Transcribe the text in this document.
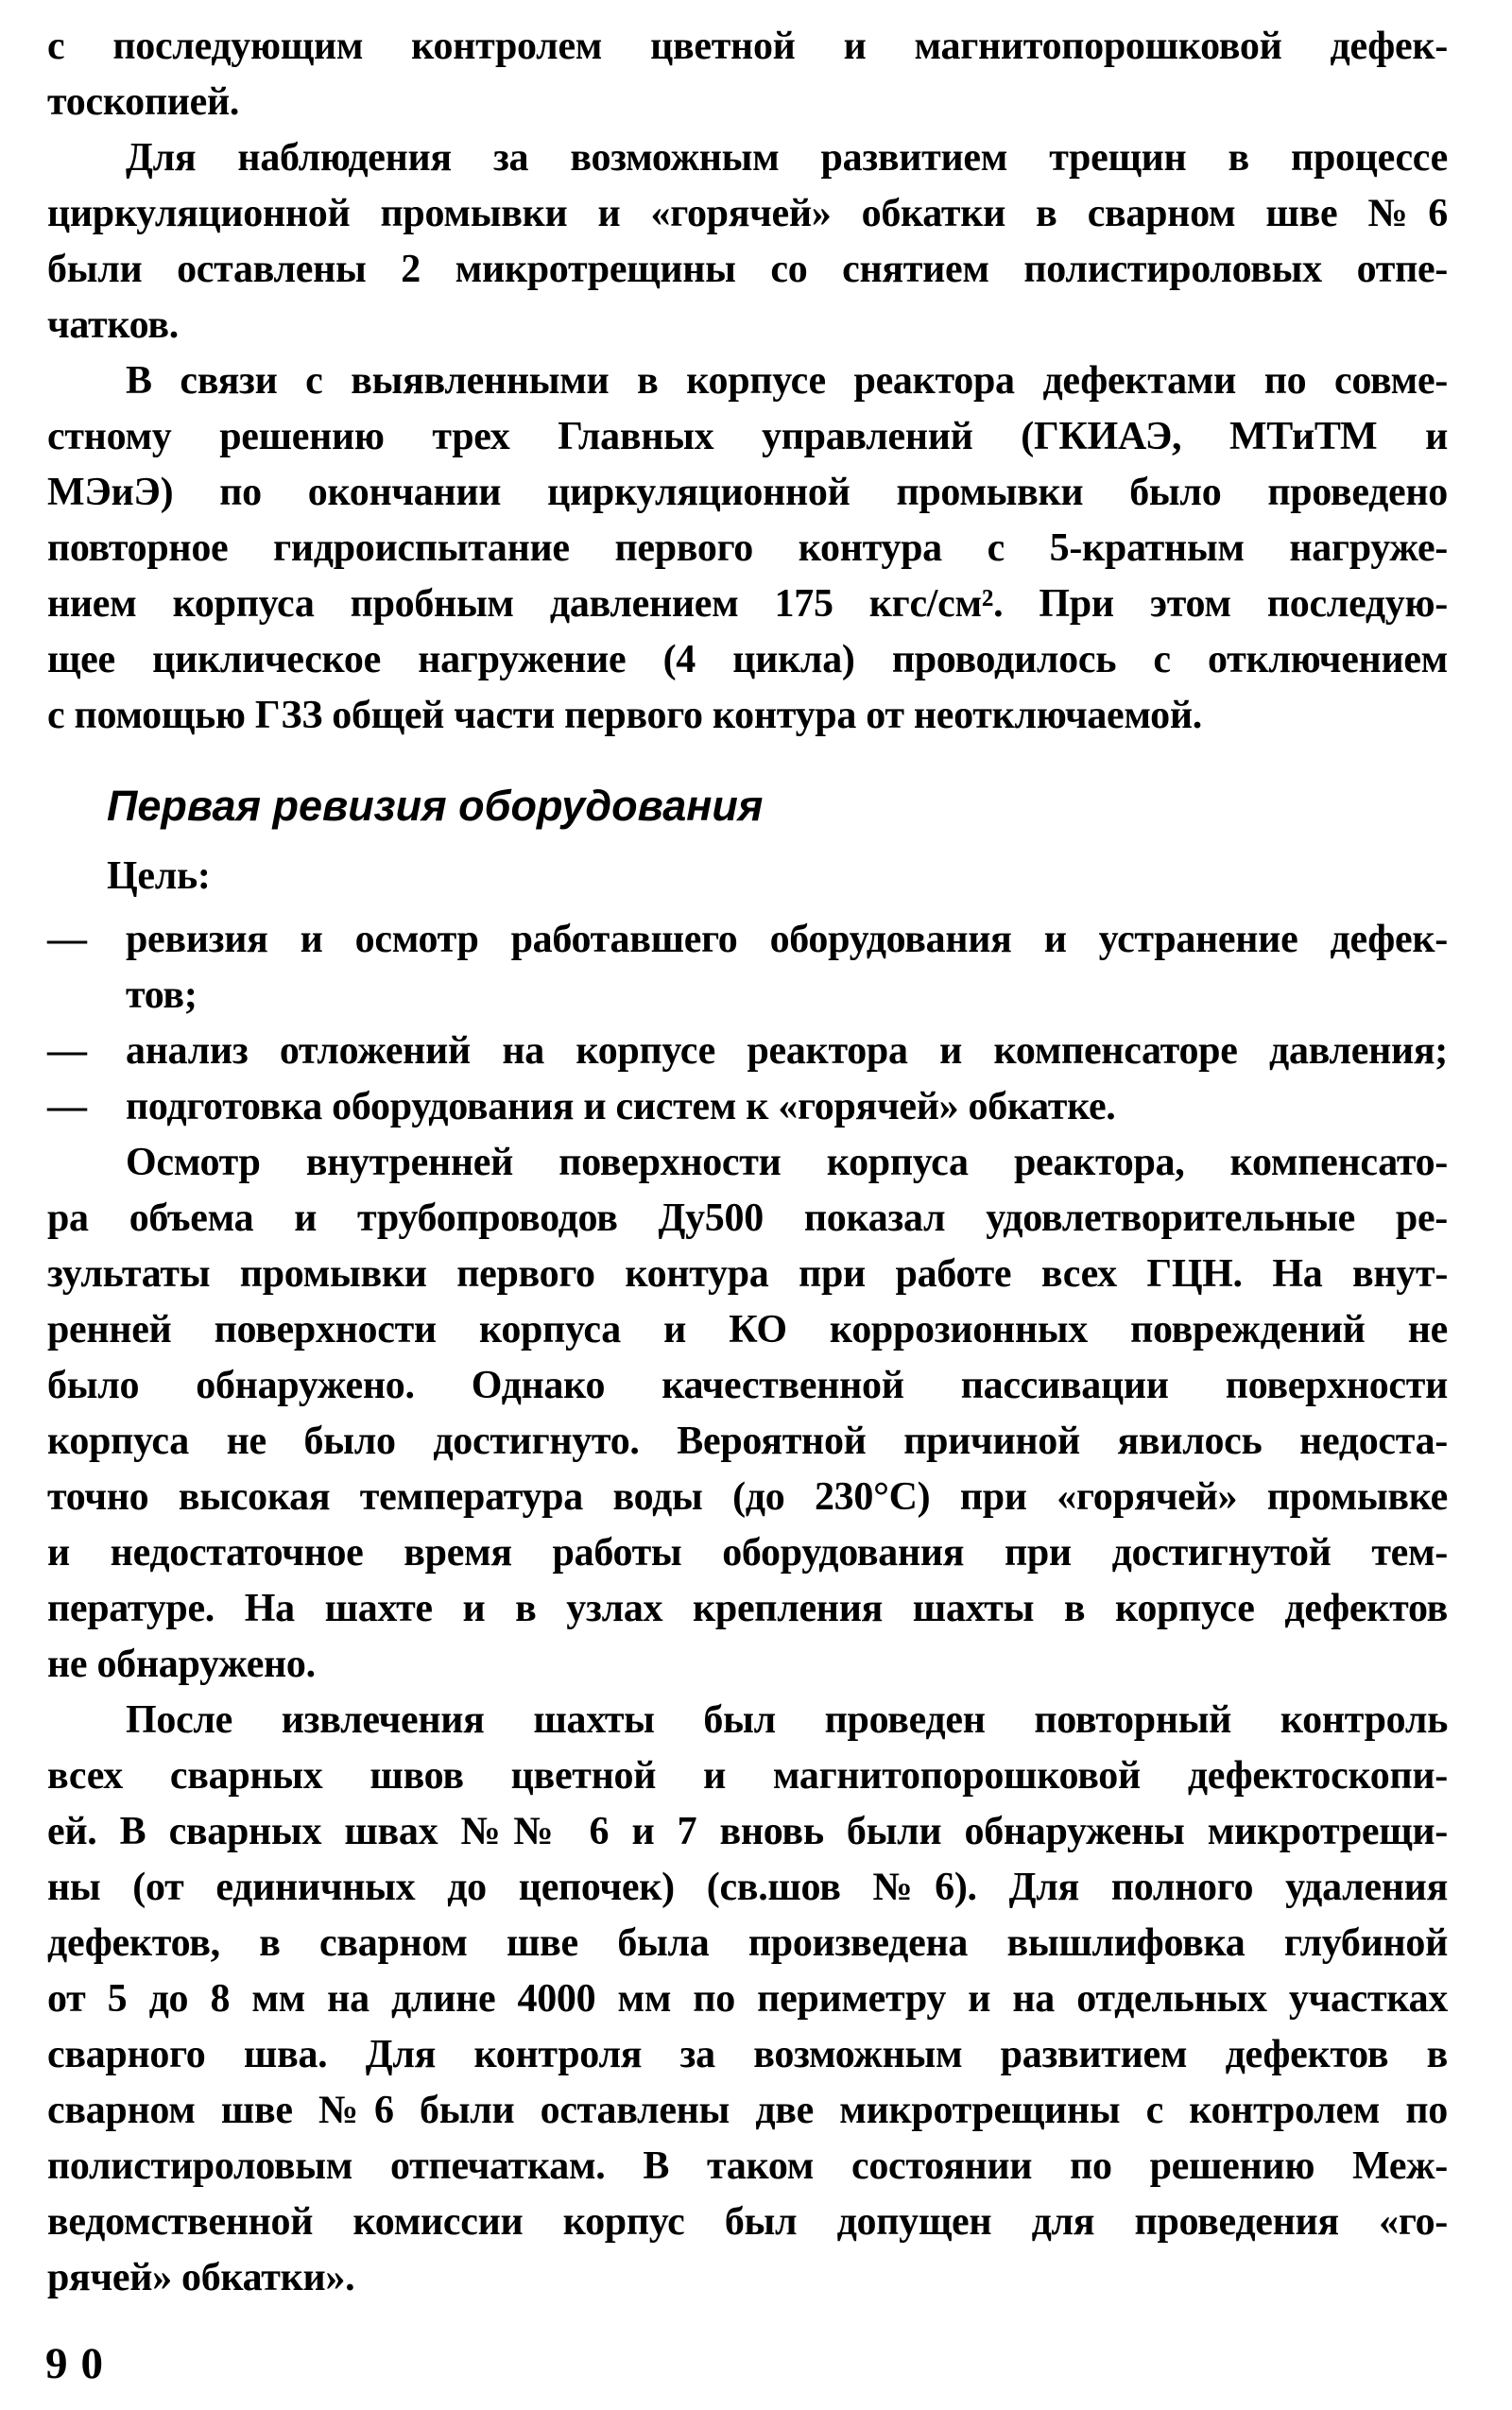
с последующим контролем цветной и магнитопорошковой дефек-
тоскопией.
Для наблюдения за возможным развитием трещин в процессе
циркуляционной промывки и «горячей» обкатки в сварном шве №6
были оставлены 2 микротрещины со снятием полистироловых отпе-
чатков.
В связи с выявленными в корпусе реактора дефектами по совме-
стному решению трех Главных управлений (ГКИАЭ, МТиТМ и
МЭиЭ) по окончании циркуляционной промывки было проведено
повторное гидроиспытание первого контура с 5-кратным нагруже-
нием корпуса пробным давлением 175 кгс/см². При этом последую-
щее циклическое нагружение (4 цикла) проводилось с отключением
с помощью ГЗЗ общей части первого контура от неотключаемой.
Первая ревизия оборудования
Цель:
— ревизия и осмотр работавшего оборудования и устранение дефек-
тов;
— анализ отложений на корпусе реактора и компенсаторе давления;
— подготовка оборудования и систем к «горячей» обкатке.
Осмотр внутренней поверхности корпуса реактора, компенсато-
ра объема и трубопроводов Ду500 показал удовлетворительные ре-
зультаты промывки первого контура при работе всех ГЦН. На внут-
ренней поверхности корпуса и КО коррозионных повреждений не
было обнаружено. Однако качественной пассивации поверхности
корпуса не было достигнуто. Вероятной причиной явилось недоста-
точно высокая температура воды (до 230°С) при «горячей» промывке
и недостаточное время работы оборудования при достигнутой тем-
пературе. На шахте и в узлах крепления шахты в корпусе дефектов
не обнаружено.
После извлечения шахты был проведен повторный контроль
всех сварных швов цветной и магнитопорошковой дефектоскопи-
ей. В сварных швах №№ 6 и 7 вновь были обнаружены микротрещи-
ны (от единичных до цепочек) (св.шов №6). Для полного удаления
дефектов, в сварном шве была произведена вышлифовка глубиной
от 5 до 8 мм на длине 4000 мм по периметру и на отдельных участках
сварного шва. Для контроля за возможным развитием дефектов в
сварном шве №6 были оставлены две микротрещины с контролем по
полистироловым отпечаткам. В таком состоянии по решению Меж-
ведомственной комиссии корпус был допущен для проведения «го-
рячей» обкатки».
90
